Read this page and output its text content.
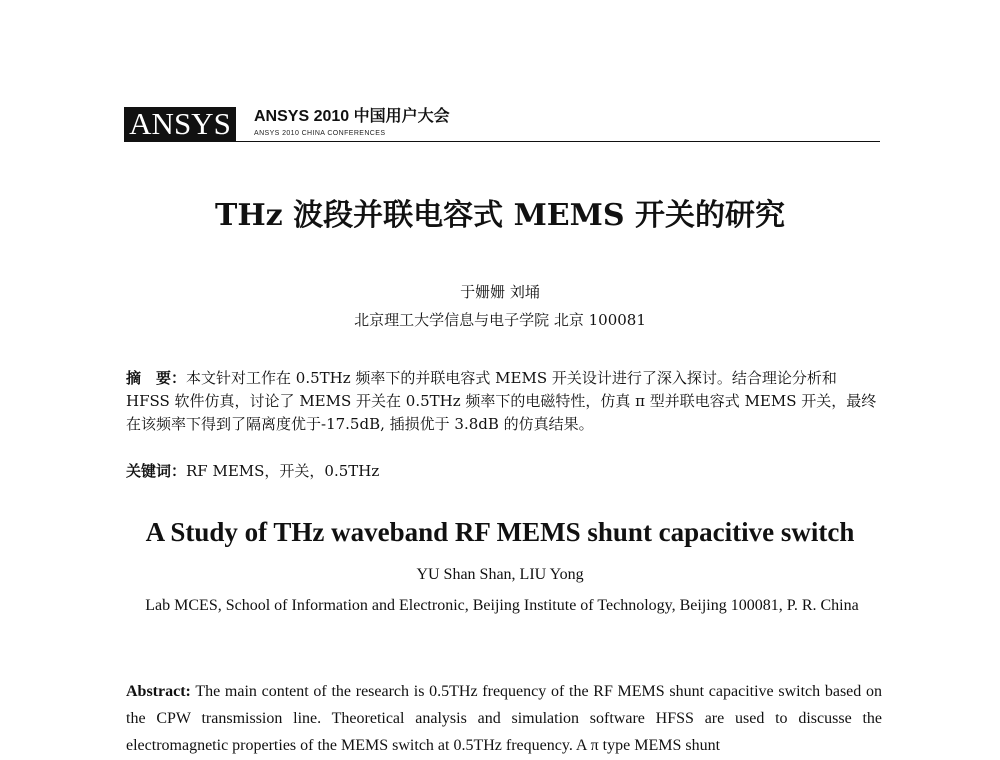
ANSYS	ANSYS 2010 中国用户大会
ANSYS 2010 CHINA CONFERENCES
THz 波段并联电容式 MEMS 开关的研究
于姗姗 刘埇
北京理工大学信息与电子学院 北京 100081

摘　要：本文针对工作在 0.5THz 频率下的并联电容式 MEMS 开关设计进行了深入探讨。结合理论分析和 HFSS 软件仿真，讨论了 MEMS 开关在 0.5THz 频率下的电磁特性，仿真 π 型并联电容式 MEMS 开关，最终在该频率下得到了隔离度优于-17.5dB, 插损优于 3.8dB 的仿真结果。

关键词：RF MEMS，开关，0.5THz

A Study of THz waveband RF MEMS shunt capacitive switch
YU Shan Shan, LIU Yong

Lab MCES, School of Information and Electronic, Beijing Institute of Technology, Beijing 100081, P. R. China

Abstract: The main content of the research is 0.5THz frequency of the RF MEMS shunt capacitive switch based on the CPW transmission line. Theoretical analysis and simulation software HFSS are used to discusse the electromagnetic properties of the MEMS switch at 0.5THz frequency. A π type MEMS shunt
